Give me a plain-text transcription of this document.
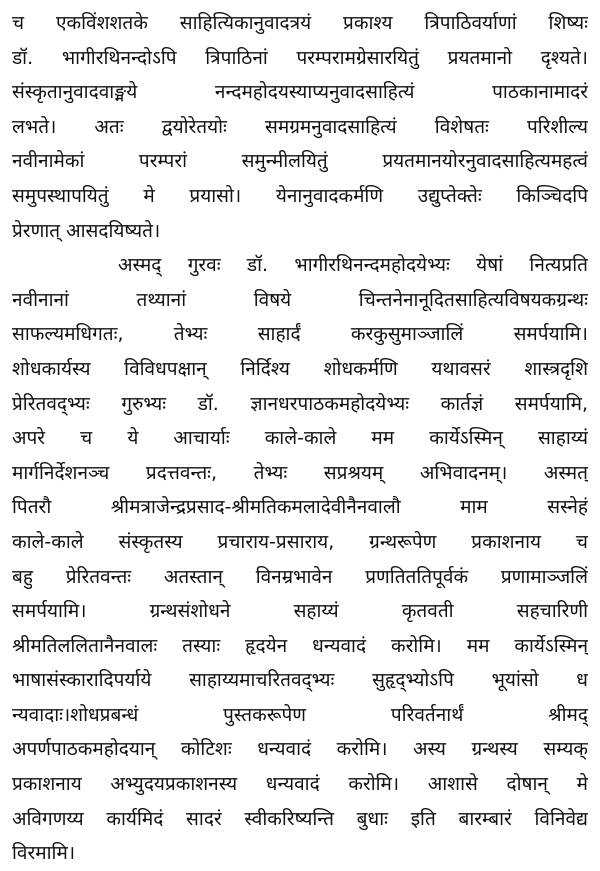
च एकविंशशतके साहित्यिकानुवादत्रयं प्रकाश्य त्रिपाठिवर्याणां शिष्यः
डॉ. भागीरथिनन्दोऽपि त्रिपाठिनां परम्परामग्रेसारयितुं प्रयतमानो दृश्यते।
संस्कृतानुवादवाङ्मये नन्दमहोदयस्याप्यनुवादसाहित्यं पाठकानामादरं
लभते। अतः द्वयोरेतयोः समग्रमनुवादसाहित्यं विशेषतः परिशील्य
नवीनामेकां परम्परां समुन्मीलयितुं प्रयतमानयोरनुवादसाहित्यमहत्वं
समुपस्थापयितुं मे प्रयासो। येनानुवादकर्मणि उद्युप्तेक्तेः किञ्चिदपि
प्रेरणात् आसदयिष्यते।
अस्मद् गुरवः डॉ. भागीरथिनन्दमहोदयेभ्यः येषां नित्यप्रति
नवीनानां तथ्यानां विषये चिन्तनेनानूदितसाहित्यविषयकग्रन्थः
साफल्यमधिगतः, तेभ्यः साहार्दं करकुसुमाञ्जालिं समर्पयामि।
शोधकार्यस्य विविधपक्षान् निर्दिश्य शोधकर्मणि यथावसरं शास्त्रदृशि
प्रेरितवद्भ्यः गुरुभ्यः डॉ. ज्ञानधरपाठकमहोदयेभ्यः कार्तज्ञं समर्पयामि,
अपरे च ये आचार्याः काले-काले मम कार्येऽस्मिन् साहाय्यं
मार्गनिर्देशनञ्च प्रदत्तवन्तः, तेभ्यः सप्रश्रयम् अभिवादनम्। अस्मत्
पितरौ श्रीमत्राजेन्द्रप्रसाद-श्रीमतिकमलादेवीनैनवालौ माम सस्नेहं
काले-काले संस्कृतस्य प्रचाराय-प्रसाराय, ग्रन्थरूपेण प्रकाशनाय च
बहु प्रेरितवन्तः अतस्तान् विनम्रभावेन प्रणतिततिपूर्वकं प्रणामाञ्जलिं
समर्पयामि। ग्रन्थसंशोधने सहाय्यं कृतवती सहचारिणी
श्रीमतिललितानैनवालः तस्याः हृदयेन धन्यवादं करोमि। मम कार्येऽस्मिन्
भाषासंस्कारादिपर्याये साहाय्यमाचरितवद्भ्यः सुहृद्भ्योऽपि भूयांसो ध
न्यवादाः।शोधप्रबन्धं पुस्तकरूपेण परिवर्तनार्थं श्रीमद्
अपर्णपाठकमहोदयान् कोटिशः धन्यवादं करोमि। अस्य ग्रन्थस्य सम्यक्
प्रकाशनाय अभ्युदयप्रकाशनस्य धन्यवादं करोमि। आशासे दोषान् मे
अविगणय्य कार्यमिदं सादरं स्वीकरिष्यन्ति बुधाः इति बारम्बारं विनिवेद्य
विरमामि।
